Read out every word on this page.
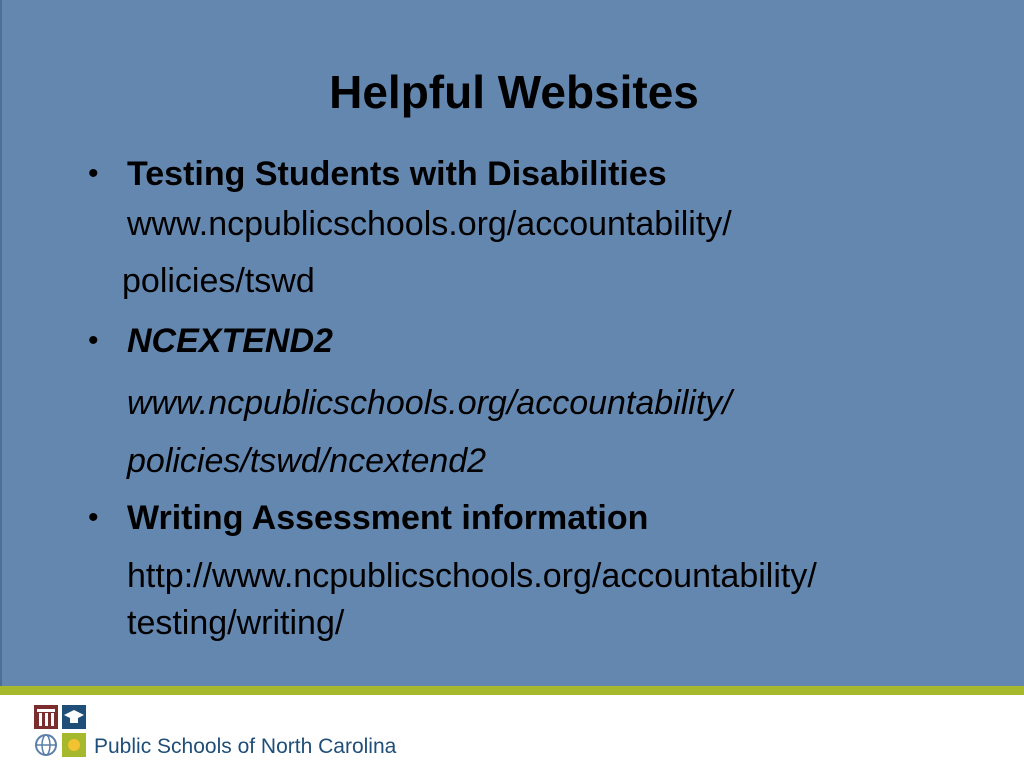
Helpful Websites
• Testing Students with Disabilities
www.ncpublicschools.org/accountability/
policies/tswd
• NCEXTEND2
www.ncpublicschools.org/accountability/
policies/tswd/ncextend2
• Writing Assessment information
http://www.ncpublicschools.org/accountability/
testing/writing/
Public Schools of North Carolina
